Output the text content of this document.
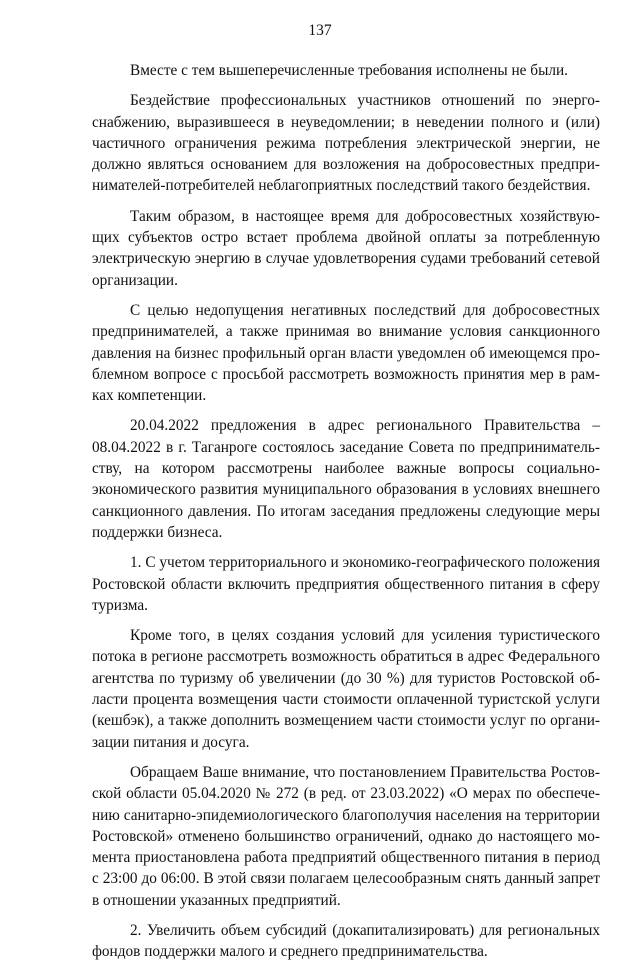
137

Вместе с тем вышеперечисленные требования исполнены не были.

Бездействие профессиональных участников отношений по энергоснабжению, выразившееся в неуведомлении; в неведении полного и (или) частичного ограничения режима потребления электрической энергии, не должно являться основанием для возложения на добросовестных предпринимателей-потребителей неблагоприятных последствий такого бездействия.

Таким образом, в настоящее время для добросовестных хозяйствующих субъектов остро встает проблема двойной оплаты за потребленную электрическую энергию в случае удовлетворения судами требований сетевой организации.

С целью недопущения негативных последствий для добросовестных предпринимателей, а также принимая во внимание условия санкционного давления на бизнес профильный орган власти уведомлен об имеющемся проблемном вопросе с просьбой рассмотреть возможность принятия мер в рамках компетенции.

20.04.2022 предложения в адрес регионального Правительства – 08.04.2022 в г. Таганроге состоялось заседание Совета по предпринимательству, на котором рассмотрены наиболее важные вопросы социально-экономического развития муниципального образования в условиях внешнего санкционного давления. По итогам заседания предложены следующие меры поддержки бизнеса.

1. С учетом территориального и экономико-географического положения Ростовской области включить предприятия общественного питания в сферу туризма.

Кроме того, в целях создания условий для усиления туристического потока в регионе рассмотреть возможность обратиться в адрес Федерального агентства по туризму об увеличении (до 30 %) для туристов Ростовской области процента возмещения части стоимости оплаченной туристской услуги (кешбэк), а также дополнить возмещением части стоимости услуг по организации питания и досуга.

Обращаем Ваше внимание, что постановлением Правительства Ростовской области 05.04.2020 № 272 (в ред. от 23.03.2022) «О мерах по обеспечению санитарно-эпидемиологического благополучия населения на территории Ростовской» отменено большинство ограничений, однако до настоящего момента приостановлена работа предприятий общественного питания в период с 23:00 до 06:00. В этой связи полагаем целесообразным снять данный запрет в отношении указанных предприятий.

2. Увеличить объем субсидий (докапитализировать) для региональных фондов поддержки малого и среднего предпринимательства.
